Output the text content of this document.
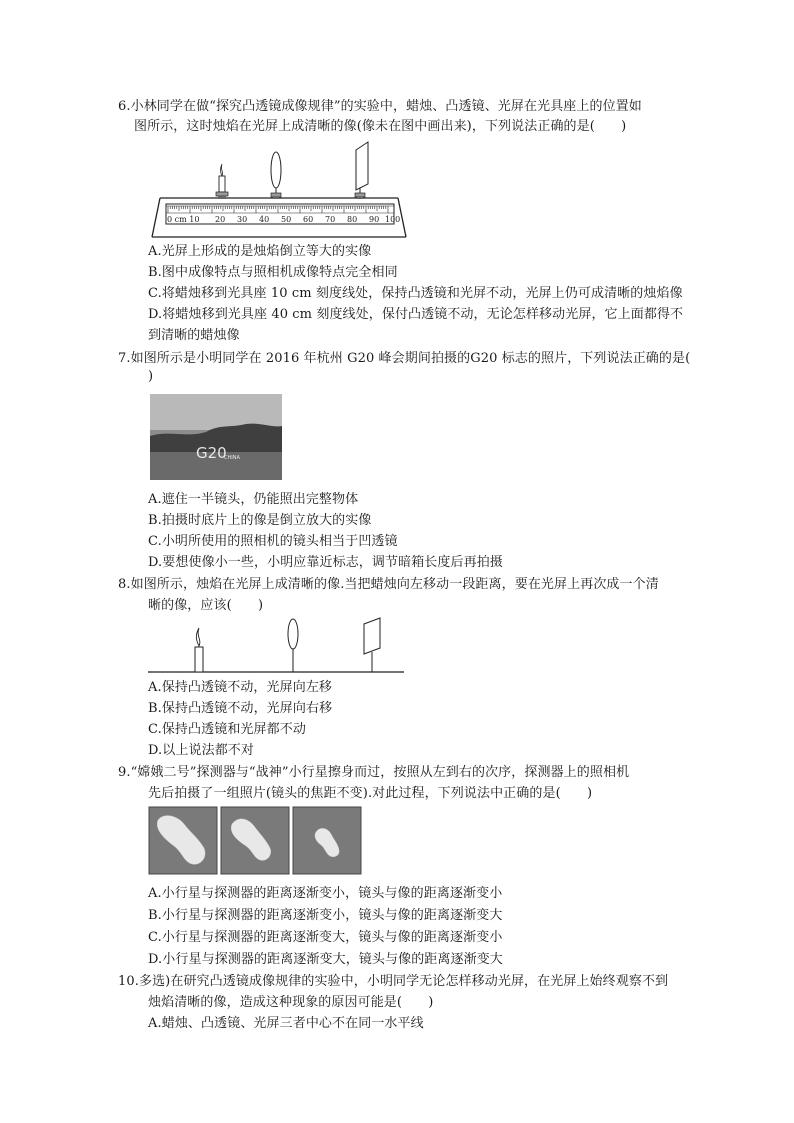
6.小林同学在做“探究凸透镜成像规律”的实验中，蜡烛、凸透镜、光屏在光具座上的位置如
图所示，这时烛焰在光屏上成清晰的像(像未在图中画出来)，下列说法正确的是(　　)
0 cm 10 20 30 40 50 60 70 80 90 100
A.光屏上形成的是烛焰倒立等大的实像
B.图中成像特点与照相机成像特点完全相同
C.将蜡烛移到光具座 10 cm 刻度线处，保持凸透镜和光屏不动，光屏上仍可成清晰的烛焰像
D.将蜡烛移到光具座 40 cm 刻度线处，保付凸透镜不动，无论怎样移动光屏，它上面都得不
到清晰的蜡烛像
7.如图所示是小明同学在 2016 年杭州 G20 峰会期间拍摄的G20 标志的照片，下列说法正确的是(
)
G20
CHINA
A.遮住一半镜头，仍能照出完整物体
B.拍摄时底片上的像是倒立放大的实像
C.小明所使用的照相机的镜头相当于凹透镜
D.要想使像小一些，小明应靠近标志，调节暗箱长度后再拍摄
8.如图所示，烛焰在光屏上成清晰的像.当把蜡烛向左移动一段距离，要在光屏上再次成一个清
晰的像，应该(　　)
A.保持凸透镜不动，光屏向左移
B.保持凸透镜不动，光屏向右移
C.保持凸透镜和光屏都不动
D.以上说法都不对
9.“嫦娥二号”探测器与“战神”小行星擦身而过，按照从左到右的次序，探测器上的照相机
先后拍摄了一组照片(镜头的焦距不变).对此过程，下列说法中正确的是(　　)
A.小行星与探测器的距离逐渐变小，镜头与像的距离逐渐变小
B.小行星与探测器的距离逐渐变小，镜头与像的距离逐渐变大
C.小行星与探测器的距离逐渐变大，镜头与像的距离逐渐变小
D.小行星与探测器的距离逐渐变大，镜头与像的距离逐渐变大
10.多选)在研究凸透镜成像规律的实验中，小明同学无论怎样移动光屏，在光屏上始终观察不到
烛焰清晰的像，造成这种现象的原因可能是(　　)
A.蜡烛、凸透镜、光屏三者中心不在同一水平线
